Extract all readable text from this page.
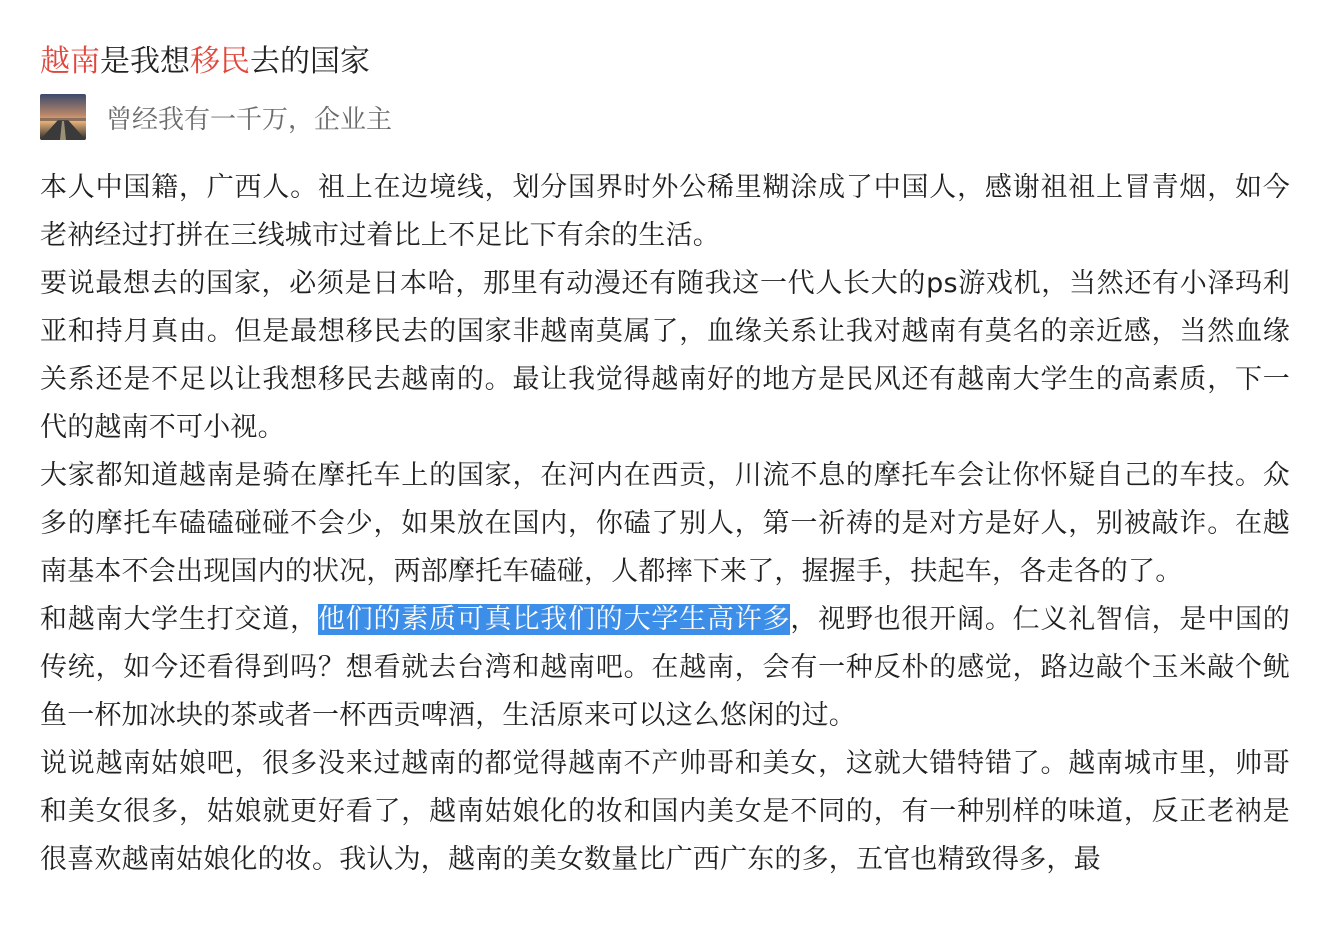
越南是我想移民去的国家
曾经我有一千万， 企业主

本人中国籍，广西人。祖上在边境线，划分国界时外公稀里糊涂成了中国人，感谢祖祖上冒青烟，如今老衲经过打拼在三线城市过着比上不足比下有余的生活。

要说最想去的国家，必须是日本哈，那里有动漫还有随我这一代人长大的ps游戏机，当然还有小泽玛利亚和持月真由。但是最想移民去的国家非越南莫属了，血缘关系让我对越南有莫名的亲近感，当然血缘关系还是不足以让我想移民去越南的。最让我觉得越南好的地方是民风还有越南大学生的高素质，下一代的越南不可小视。

大家都知道越南是骑在摩托车上的国家，在河内在西贡，川流不息的摩托车会让你怀疑自己的车技。众多的摩托车磕磕碰碰不会少，如果放在国内，你磕了别人，第一祈祷的是对方是好人，别被敲诈。在越南基本不会出现国内的状况，两部摩托车磕碰，人都摔下来了，握握手，扶起车，各走各的了。

和越南大学生打交道，他们的素质可真比我们的大学生高许多，视野也很开阔。仁义礼智信，是中国的传统，如今还看得到吗？想看就去台湾和越南吧。在越南，会有一种反朴的感觉，路边敲个玉米敲个鱿鱼一杯加冰块的茶或者一杯西贡啤酒，生活原来可以这么悠闲的过。

说说越南姑娘吧，很多没来过越南的都觉得越南不产帅哥和美女，这就大错特错了。越南城市里，帅哥和美女很多，姑娘就更好看了，越南姑娘化的妆和国内美女是不同的，有一种别样的味道，反正老衲是很喜欢越南姑娘化的妆。我认为，越南的美女数量比广西广东的多，五官也精致得多，最
